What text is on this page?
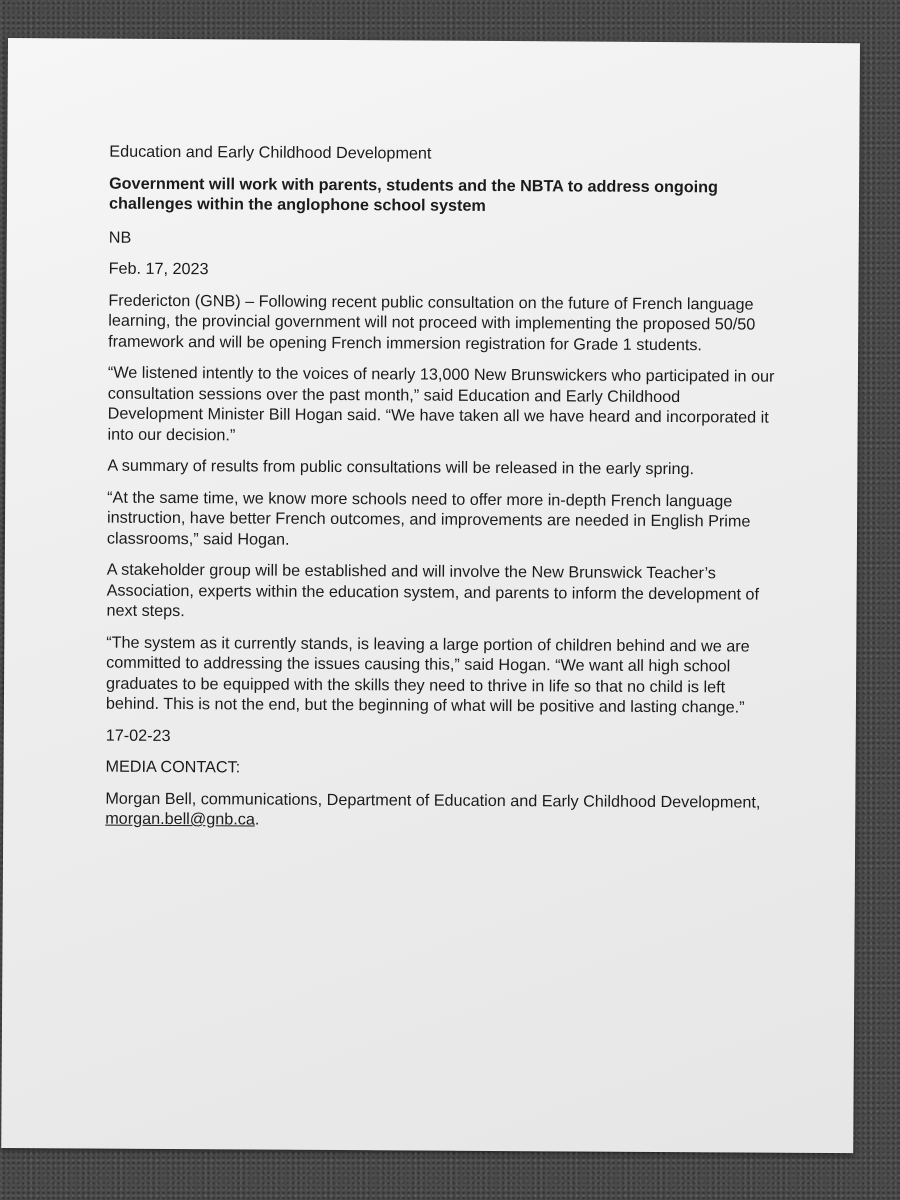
Education and Early Childhood Development

Government will work with parents, students and the NBTA to address ongoing challenges within the anglophone school system

NB

Feb. 17, 2023

Fredericton (GNB) – Following recent public consultation on the future of French language learning, the provincial government will not proceed with implementing the proposed 50/50 framework and will be opening French immersion registration for Grade 1 students.

“We listened intently to the voices of nearly 13,000 New Brunswickers who participated in our consultation sessions over the past month,” said Education and Early Childhood Development Minister Bill Hogan said. “We have taken all we have heard and incorporated it into our decision.”

A summary of results from public consultations will be released in the early spring.

“At the same time, we know more schools need to offer more in-depth French language instruction, have better French outcomes, and improvements are needed in English Prime classrooms,” said Hogan.

A stakeholder group will be established and will involve the New Brunswick Teacher’s Association, experts within the education system, and parents to inform the development of next steps.

“The system as it currently stands, is leaving a large portion of children behind and we are committed to addressing the issues causing this,” said Hogan. “We want all high school graduates to be equipped with the skills they need to thrive in life so that no child is left behind. This is not the end, but the beginning of what will be positive and lasting change.”

17-02-23

MEDIA CONTACT:

Morgan Bell, communications, Department of Education and Early Childhood Development, morgan.bell@gnb.ca.
